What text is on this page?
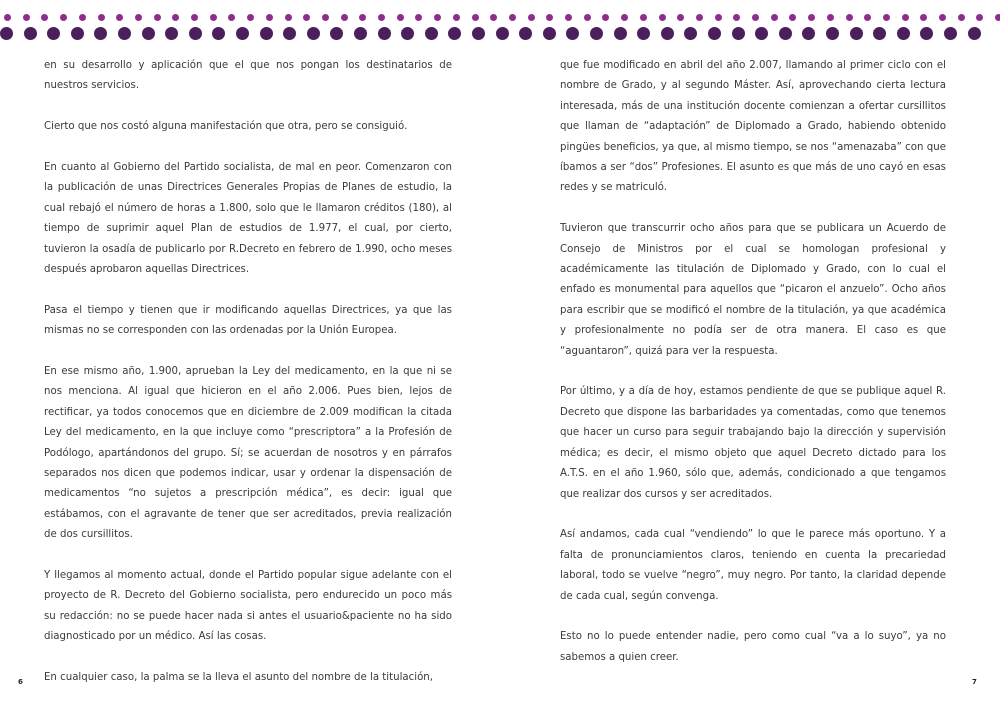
en su desarrollo y aplicación que el que nos pongan los destinatarios de nuestros servicios.

Cierto que nos costó alguna manifestación que otra, pero se consiguió.

En cuanto al Gobierno del Partido socialista, de mal en peor. Comenzaron con la publicación de unas Directrices Generales Propias de Planes de estudio, la cual rebajó el número de horas a 1.800, solo que le llamaron créditos (180), al tiempo de suprimir aquel Plan de estudios de 1.977, el cual, por cierto, tuvieron la osadía de publicarlo por R.Decreto en febrero de 1.990, ocho meses después aprobaron aquellas Directrices.

Pasa el tiempo y tienen que ir modificando aquellas Directrices, ya que las mismas no se corresponden con las ordenadas por la Unión Europea.

En ese mismo año, 1.900, aprueban la Ley del medicamento, en la que ni se nos menciona. Al igual que hicieron en el año 2.006. Pues bien, lejos de rectificar, ya todos conocemos que en diciembre de 2.009 modifican la citada Ley del medicamento, en la que incluye como “prescriptora” a la Profesión de Podólogo, apartándonos del grupo. Sí; se acuerdan de nosotros y en párrafos separados nos dicen que podemos indicar, usar y ordenar la dispensación de medicamentos “no sujetos a prescripción médica”, es decir: igual que estábamos, con el agravante de tener que ser acreditados, previa realización de dos cursillitos.

Y llegamos al momento actual, donde el Partido popular sigue adelante con el proyecto de R. Decreto del Gobierno socialista, pero endurecido un poco más su redacción: no se puede hacer nada si antes el usuario&paciente no ha sido diagnosticado por un médico. Así las cosas.

En cualquier caso, la palma se la lleva el asunto del nombre de la titulación,

que fue modificado en abril del año 2.007, llamando al primer ciclo con el nombre de Grado, y al segundo Máster. Así, aprovechando cierta lectura interesada, más de una institución docente comienzan a ofertar cursillitos que llaman de “adaptación” de Diplomado a Grado, habiendo obtenido pingües beneficios, ya que, al mismo tiempo, se nos “amenazaba” con que íbamos a ser “dos” Profesiones. El asunto es que más de uno cayó en esas redes y se matriculó.

Tuvieron que transcurrir ocho años para que se publicara un Acuerdo de Consejo de Ministros por el cual se homologan profesional y académicamente las titulación de Diplomado y Grado, con lo cual el enfado es monumental para aquellos que “picaron el anzuelo”. Ocho años para escribir que se modificó el nombre de la titulación, ya que académica y profesionalmente no podía ser de otra manera. El caso es que “aguantaron”, quizá para ver la respuesta.

Por último, y a día de hoy, estamos pendiente de que se publique aquel R. Decreto que dispone las barbaridades ya comentadas, como que tenemos que hacer un curso para seguir trabajando bajo la dirección y supervisión médica; es decir, el mismo objeto que aquel Decreto dictado para los A.T.S. en el año 1.960, sólo que, además, condicionado a que tengamos que realizar dos cursos y ser acreditados.

Así andamos, cada cual “vendiendo” lo que le parece más oportuno. Y a falta de pronunciamientos claros, teniendo en cuenta la precariedad laboral, todo se vuelve “negro”, muy negro. Por tanto, la claridad depende de cada cual, según convenga.

Esto no lo puede entender nadie, pero como cual “va a lo suyo”, ya no sabemos a quien creer.

6	7
